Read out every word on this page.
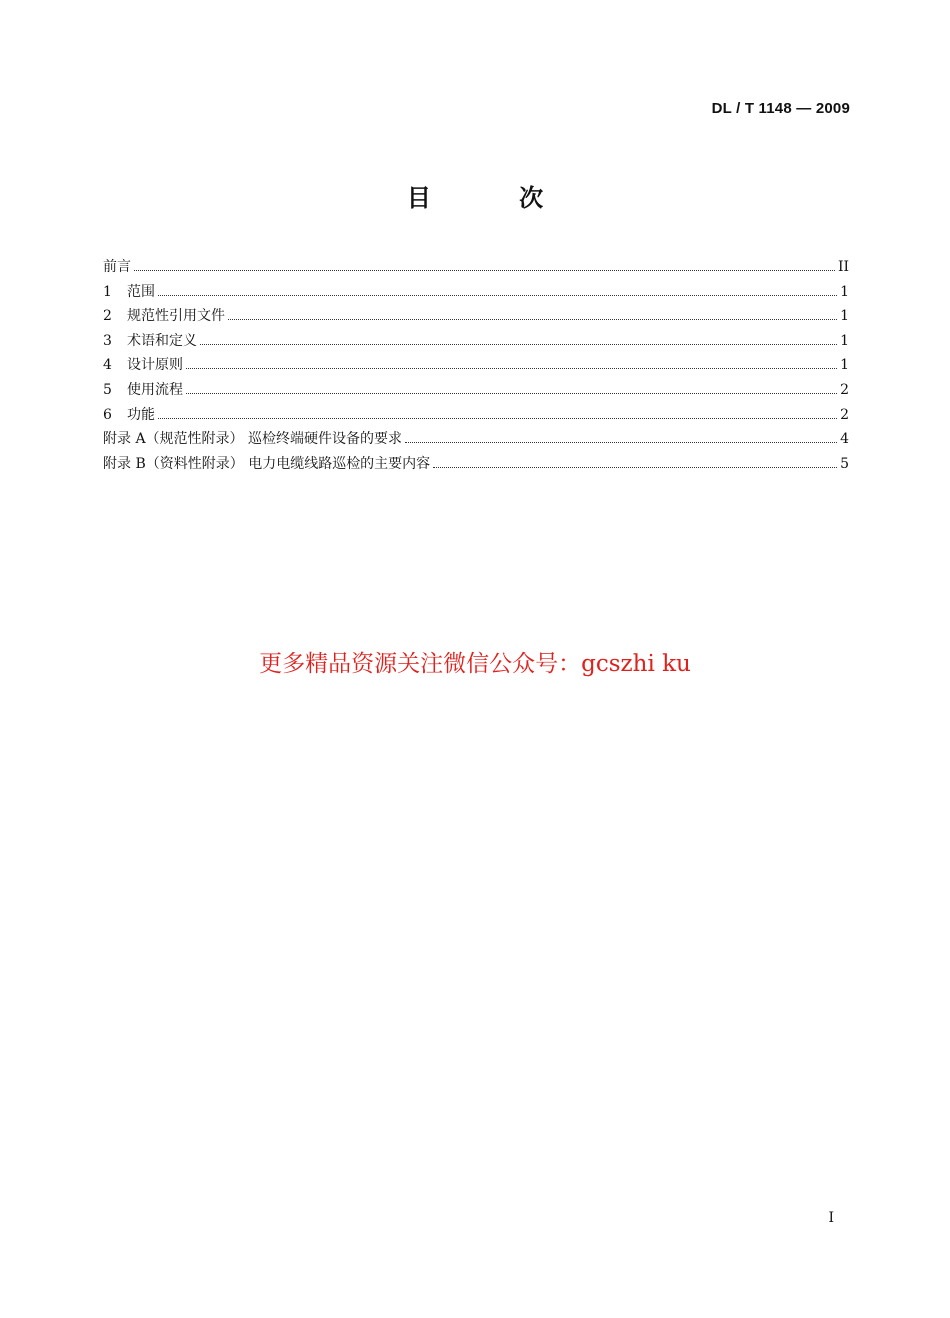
DL / T 1148 — 2009
目 次
前言	II
1 范围	1
2 规范性引用文件	1
3 术语和定义	1
4 设计原则	1
5 使用流程	2
6 功能	2
附录 A（规范性附录） 巡检终端硬件设备的要求	4
附录 B（资料性附录） 电力电缆线路巡检的主要内容	5
更多精品资源关注微信公众号：gcszhi ku
I
